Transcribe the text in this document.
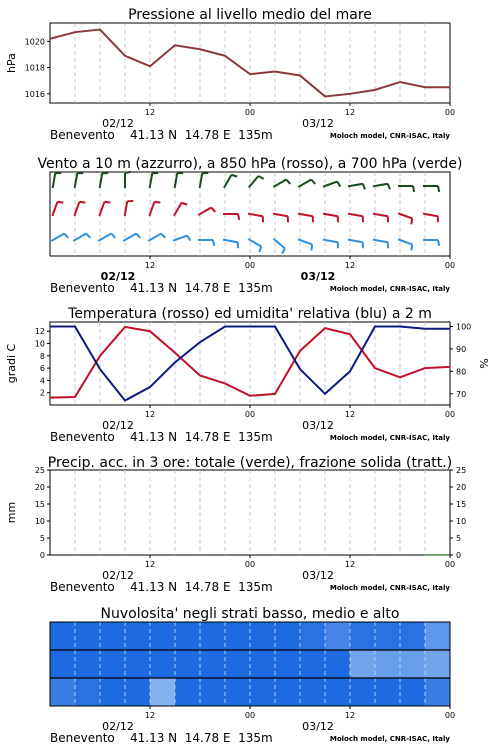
Pressione al livello medio del mare
1016
1018
1020
hPa
12	00	12	00
02/12	03/12
Benevento    41.13 N  14.78 E  135m	Moloch model, CNR-ISAC, Italy
Vento a 10 m (azzurro), a 850 hPa (rosso), a 700 hPa (verde)
12	00	12	00
02/12	03/12
Benevento    41.13 N  14.78 E  135m	Moloch model, CNR-ISAC, Italy
Temperatura (rosso) ed umidita' relativa (blu) a 2 m
2
4
6
8
10
12
70
80
90
100
gradi C	%
12	00	12	00
02/12	03/12
Benevento    41.13 N  14.78 E  135m	Moloch model, CNR-ISAC, Italy
Precip. acc. in 3 ore: totale (verde), frazione solida (tratt.)
0	0
5	5
10	10
15	15
20	20
25	25
mm
12	00	12	00
02/12	03/12
Benevento    41.13 N  14.78 E  135m	Moloch model, CNR-ISAC, Italy
Nuvolosita' negli strati basso, medio e alto
12	00	12	00
02/12	03/12
Benevento    41.13 N  14.78 E  135m	Moloch model, CNR-ISAC, Italy
